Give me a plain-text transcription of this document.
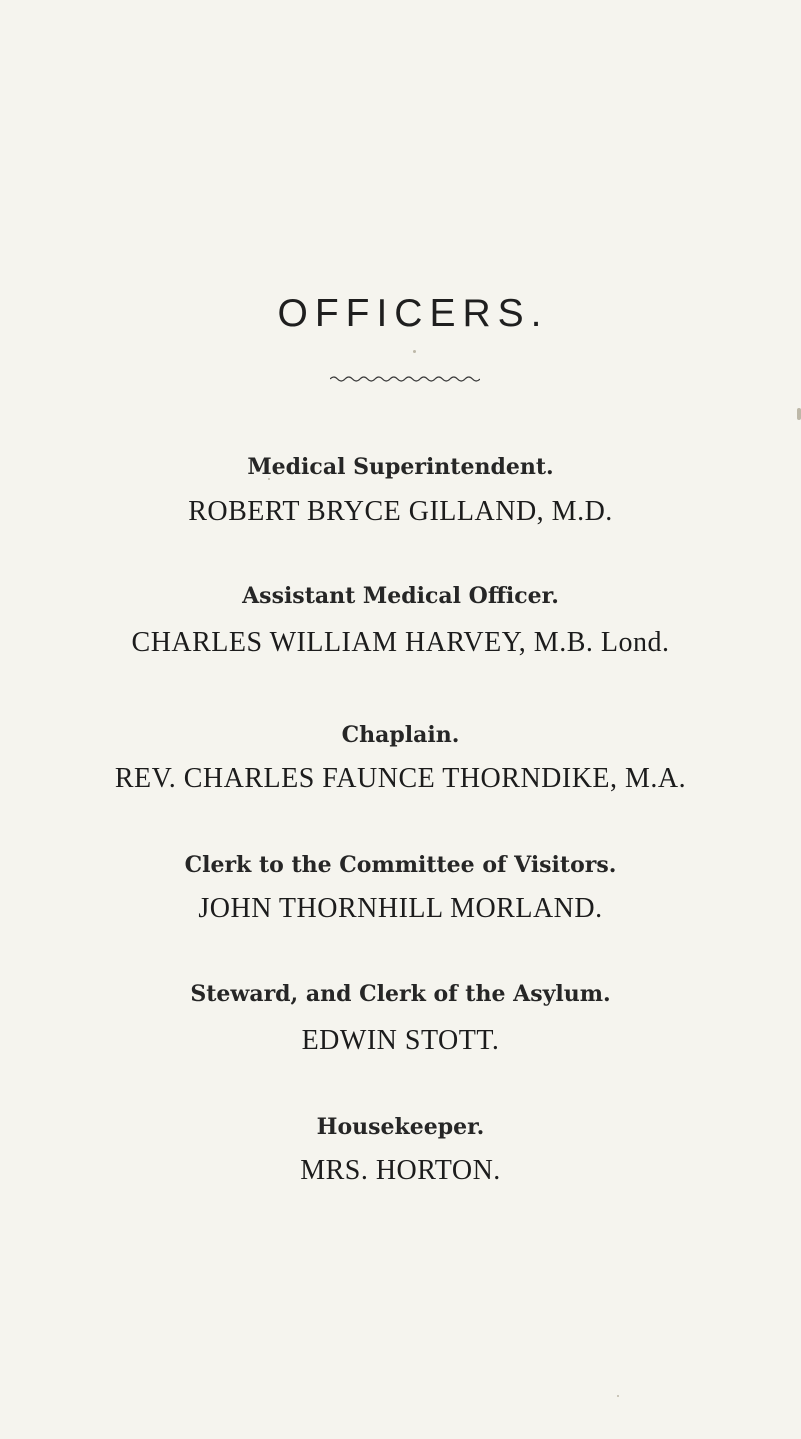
OFFICERS.
Medical Superintendent.
ROBERT BRYCE GILLAND, M.D.
Assistant Medical Officer.
CHARLES WILLIAM HARVEY, M.B. Lond.
Chaplain.
REV. CHARLES FAUNCE THORNDIKE, M.A.
Clerk to the Committee of Visitors.
JOHN THORNHILL MORLAND.
Steward, and Clerk of the Asylum.
EDWIN STOTT.
Housekeeper.
MRS. HORTON.
